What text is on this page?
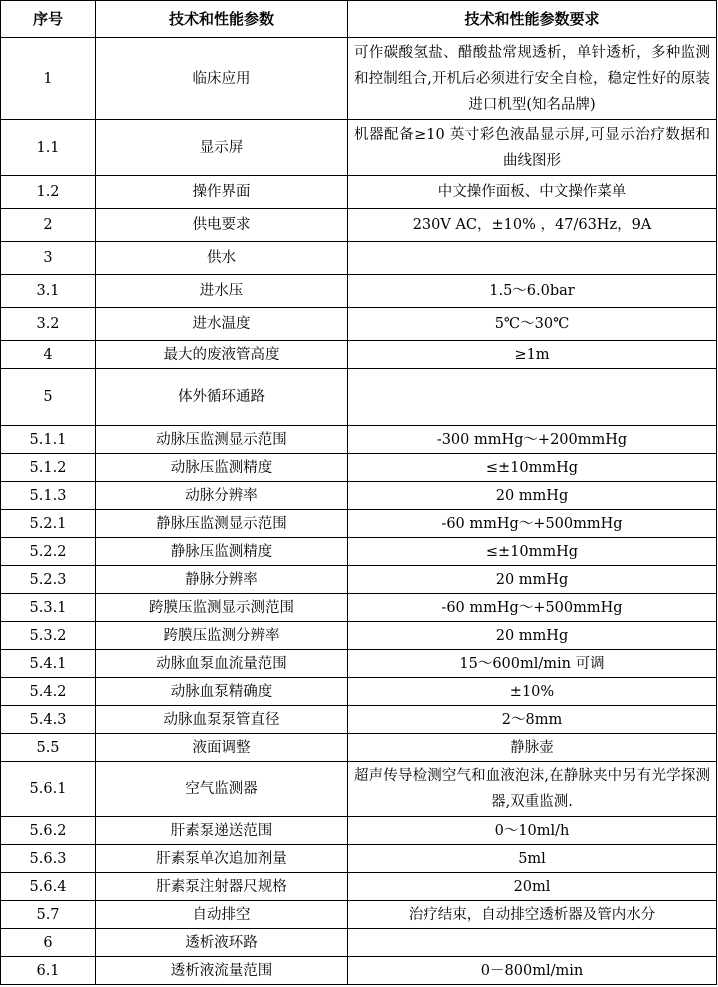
序号	技术和性能参数	技术和性能参数要求
1	临床应用	可作碳酸氢盐、醋酸盐常规透析，单针透析，多种监测和控制组合,开机后必须进行安全自检，稳定性好的原装进口机型(知名品牌)
1.1	显示屏	机器配备≥10 英寸彩色液晶显示屏,可显示治疗数据和曲线图形
1.2	操作界面	中文操作面板、中文操作菜单
2	供电要求	230V AC，±10% ，47/63Hz，9A
3	供水	
3.1	进水压	1.5～6.0bar
3.2	进水温度	5℃～30℃
4	最大的废液管高度	≥1m
5	体外循环通路	
5.1.1	动脉压监测显示范围	-300 mmHg～+200mmHg
5.1.2	动脉压监测精度	≤±10mmHg
5.1.3	动脉分辨率	20 mmHg
5.2.1	静脉压监测显示范围	-60 mmHg～+500mmHg
5.2.2	静脉压监测精度	≤±10mmHg
5.2.3	静脉分辨率	20 mmHg
5.3.1	跨膜压监测显示测范围	-60 mmHg～+500mmHg
5.3.2	跨膜压监测分辨率	20 mmHg
5.4.1	动脉血泵血流量范围	15～600ml/min 可调
5.4.2	动脉血泵精确度	±10%
5.4.3	动脉血泵泵管直径	2～8mm
5.5	液面调整	静脉壶
5.6.1	空气监测器	超声传导检测空气和血液泡沫,在静脉夹中另有光学探测器,双重监测.
5.6.2	肝素泵递送范围	0～10ml/h
5.6.3	肝素泵单次追加剂量	5ml
5.6.4	肝素泵注射器尺规格	20ml
5.7	自动排空	治疗结束，自动排空透析器及管内水分
6	透析液环路	
6.1	透析液流量范围	0－800ml/min
